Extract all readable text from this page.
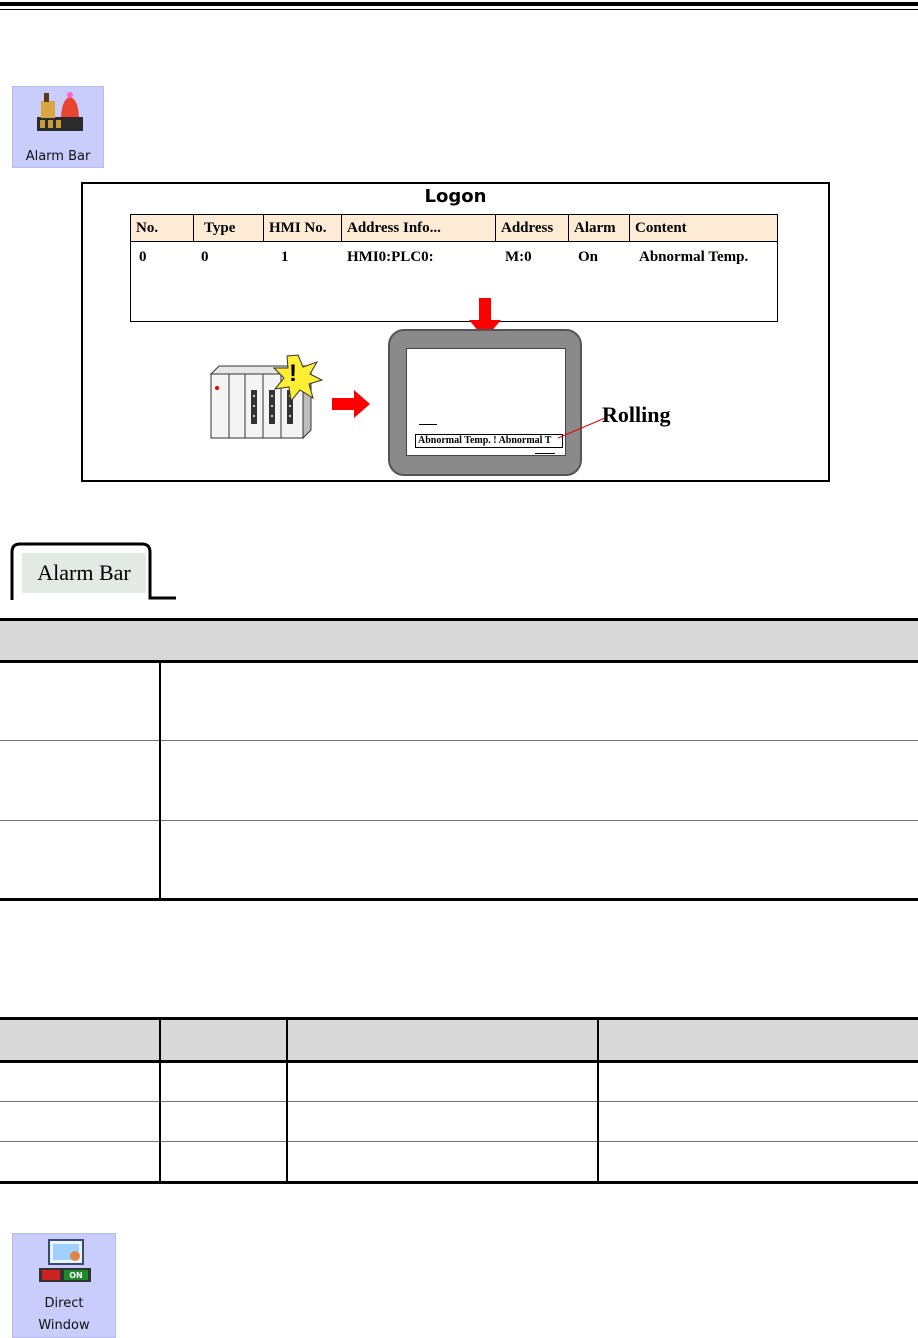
Alarm Bar
Logon
No.	Type	HMI No.	Address Info...	Address	Alarm	Content
0	0	1	HMI0:PLC0:	M:0	On	Abnormal Temp.
!
Abnormal Temp. ! Abnormal T
Rolling
Alarm Bar
ON
Direct
Window
